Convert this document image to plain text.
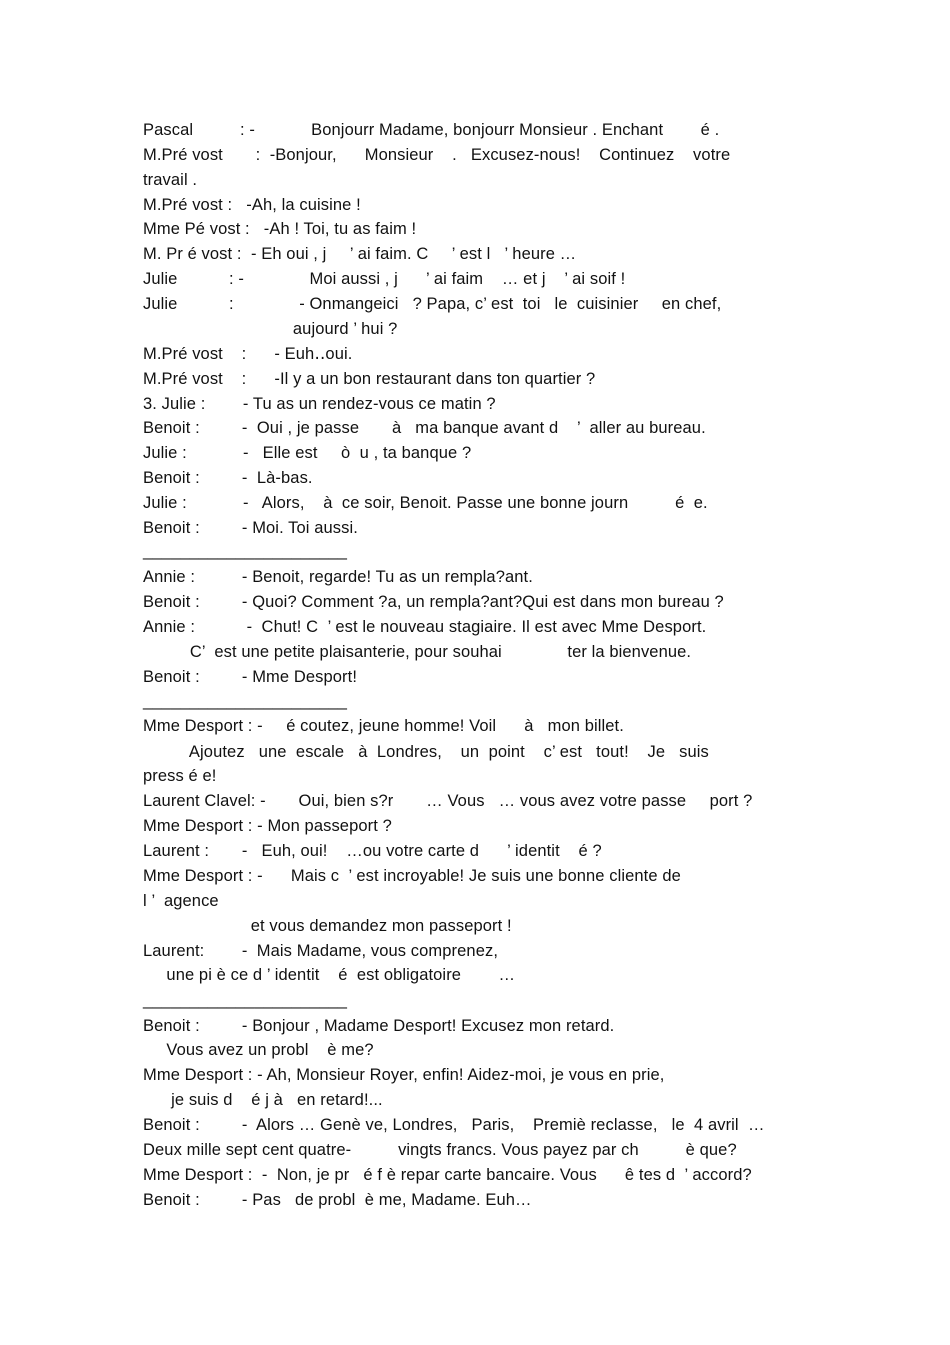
Pascal          : -            Bonjourr Madame, bonjourr Monsieur . Enchant        é .
M.Pré vost       :  -Bonjour,      Monsieur    .   Excusez-nous!    Continuez    votre
travail .
M.Pré vost :   -Ah, la cuisine !
Mme Pé vost :   -Ah ! Toi, tu as faim !
M. Pr é vost :  - Eh oui , j     ’ ai faim. C     ’ est l   ’ heure …
Julie           : -              Moi aussi , j      ’ ai faim    … et j    ’ ai soif !
Julie           :              - Onmangeici   ? Papa, c’ est  toi   le  cuisinier     en chef,
aujourd ’ hui ?
M.Pré vost    :      - Euh‥oui.
M.Pré vost    :      -Il y a un bon restaurant dans ton quartier ?
3. Julie :        - Tu as un rendez-vous ce matin ?
Benoit :         -  Oui , je passe       à   ma banque avant d    ’  aller au bureau.
Julie :            -   Elle est     ò  u , ta banque ?
Benoit :         -  Là-bas.
Julie :            -   Alors,    à  ce soir, Benoit. Passe une bonne journ          é  e.
Benoit :         - Moi. Toi aussi.
______________________
Annie :          - Benoit, regarde! Tu as un rempla?ant.
Benoit :         - Quoi? Comment ?a, un rempla?ant?Qui est dans mon bureau ?
Annie :           -  Chut! C  ’ est le nouveau stagiaire. Il est avec Mme Desport.
C’  est une petite plaisanterie, pour souhai              ter la bienvenue.
Benoit :         - Mme Desport!
______________________
Mme Desport : -     é coutez, jeune homme! Voil      à   mon billet.
Ajoutez   une  escale   à  Londres,    un  point    c’ est   tout!    Je   suis
press é e!
Laurent Clavel: -       Oui, bien s?r       … Vous   … vous avez votre passe     port ?
Mme Desport : - Mon passeport ?
Laurent :       -   Euh, oui!    …ou votre carte d      ’ identit    é ?
Mme Desport : -      Mais c  ’ est incroyable! Je suis une bonne cliente de
l ’  agence
et vous demandez mon passeport !
Laurent:        -  Mais Madame, vous comprenez,
une pi è ce d ’ identit    é  est obligatoire        …
______________________
Benoit :         - Bonjour , Madame Desport! Excusez mon retard.
Vous avez un probl    è me?
Mme Desport : - Ah, Monsieur Royer, enfin! Aidez-moi, je vous en prie,
je suis d    é j à   en retard!...
Benoit :         -  Alors … Genè ve, Londres,   Paris,    Premiè reclasse,   le  4 avril  …
Deux mille sept cent quatre-          vingts francs. Vous payez par ch          è que?
Mme Desport :  -  Non, je pr   é f è repar carte bancaire. Vous      ê tes d  ’ accord?
Benoit :         - Pas   de probl  è me, Madame. Euh…
